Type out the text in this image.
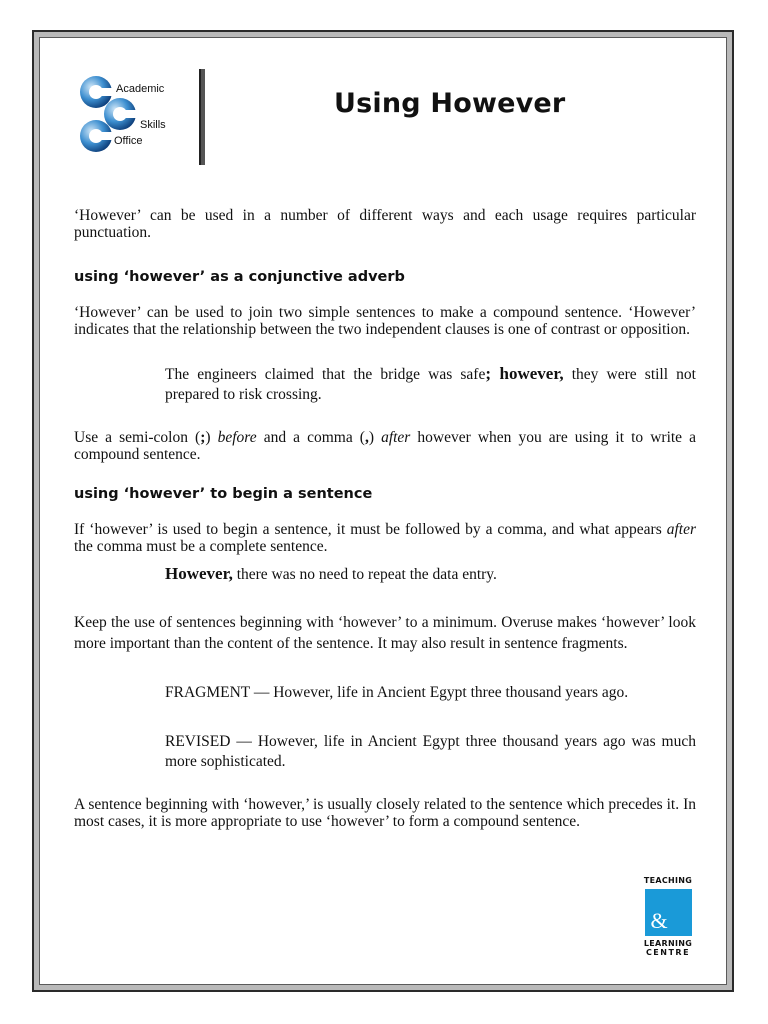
Academic
Skills
Office
Using However

‘However’ can be used in a number of different ways and each usage requires particular punctuation.

using ‘however’ as a conjunctive adverb

‘However’ can be used to join two simple sentences to make a compound sentence. ‘However’ indicates that the relationship between the two independent clauses is one of contrast or opposition.

The engineers claimed that the bridge was safe; however, they were still not prepared to risk crossing.

Use a semi-colon (;) before and a comma (,) after however when you are using it to write a compound sentence.

using ‘however’ to begin a sentence

If ‘however’ is used to begin a sentence, it must be followed by a comma, and what appears after the comma must be a complete sentence.

However, there was no need to repeat the data entry.

Keep the use of sentences beginning with ‘however’ to a minimum. Overuse makes ‘however’ look more important than the content of the sentence. It may also result in sentence fragments.

FRAGMENT — However, life in Ancient Egypt three thousand years ago.

REVISED — However, life in Ancient Egypt three thousand years ago was much more sophisticated.

A sentence beginning with ‘however,’ is usually closely related to the sentence which precedes it. In most cases, it is more appropriate to use ‘however’ to form a compound sentence.

TEACHING
&
LEARNING
CENTRE
